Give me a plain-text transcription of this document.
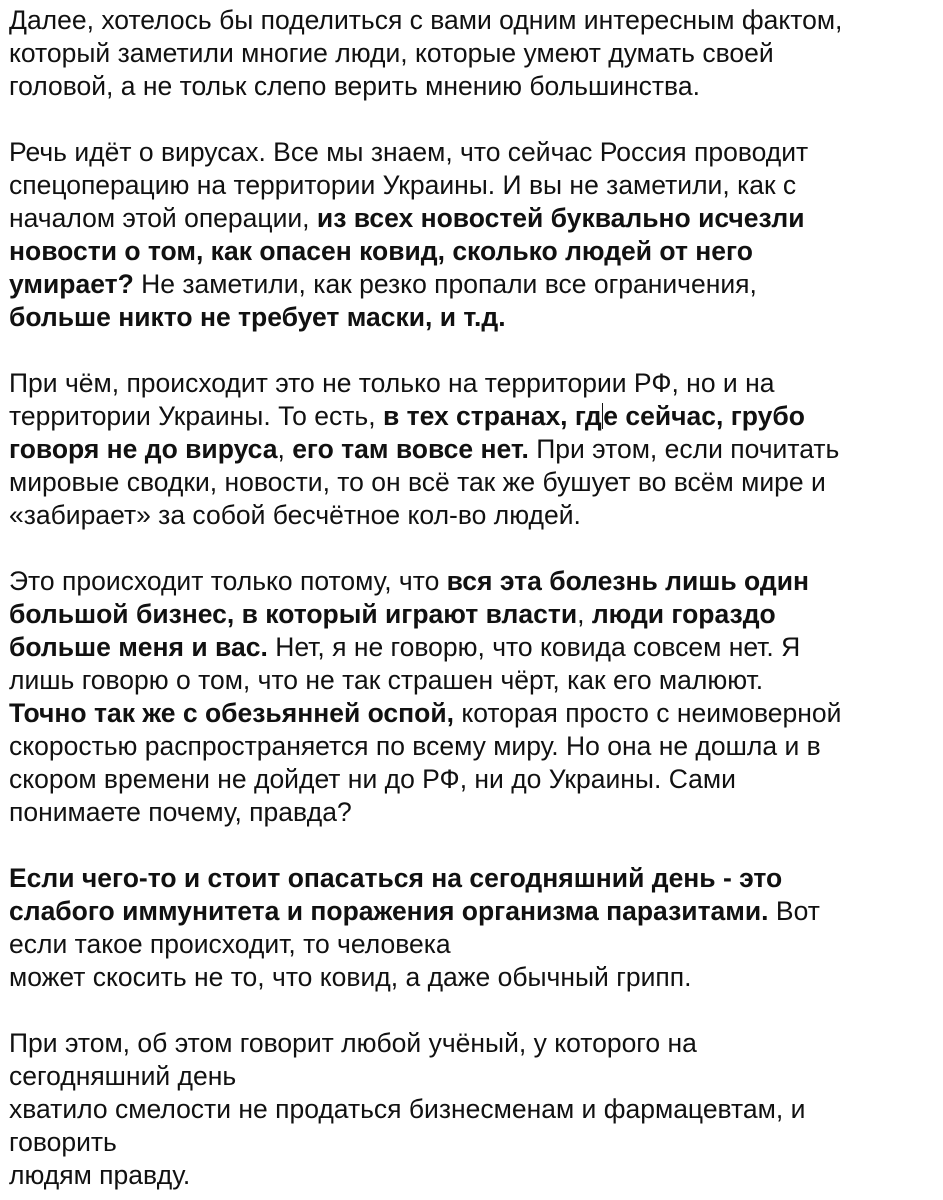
Далее, хотелось бы поделиться с вами одним интересным фактом,
который заметили многие люди, которые умеют думать своей
головой, а не тольк слепо верить мнению большинства.
Речь идёт о вирусах. Все мы знаем, что сейчас Россия проводит
спецоперацию на территории Украины. И вы не заметили, как с
началом этой операции, из всех новостей буквально исчезли
новости о том, как опасен ковид, сколько людей от него
умирает? Не заметили, как резко пропали все ограничения,
больше никто не требует маски, и т.д.
При чём, происходит это не только на территории РФ, но и на
территории Украины. То есть, в тех странах, где сейчас, грубо
говоря не до вируса, его там вовсе нет. При этом, если почитать
мировые сводки, новости, то он всё так же бушует во всём мире и
«забирает» за собой бесчётное кол-во людей.
Это происходит только потому, что вся эта болезнь лишь один
большой бизнес, в который играют власти, люди гораздо
больше меня и вас. Нет, я не говорю, что ковида совсем нет. Я
лишь говорю о том, что не так страшен чёрт, как его малюют.
Точно так же с обезьянней оспой, которая просто с неимоверной
скоростью распространяется по всему миру. Но она не дошла и в
скором времени не дойдет ни до РФ, ни до Украины. Сами
понимаете почему, правда?
Если чего-то и стоит опасаться на сегодняшний день - это
слабого иммунитета и поражения организма паразитами. Вот
если такое происходит, то человека
может скосить не то, что ковид, а даже обычный грипп.
При этом, об этом говорит любой учёный, у которого на
сегодняшний день
хватило смелости не продаться бизнесменам и фармацевтам, и
говорить
людям правду.
